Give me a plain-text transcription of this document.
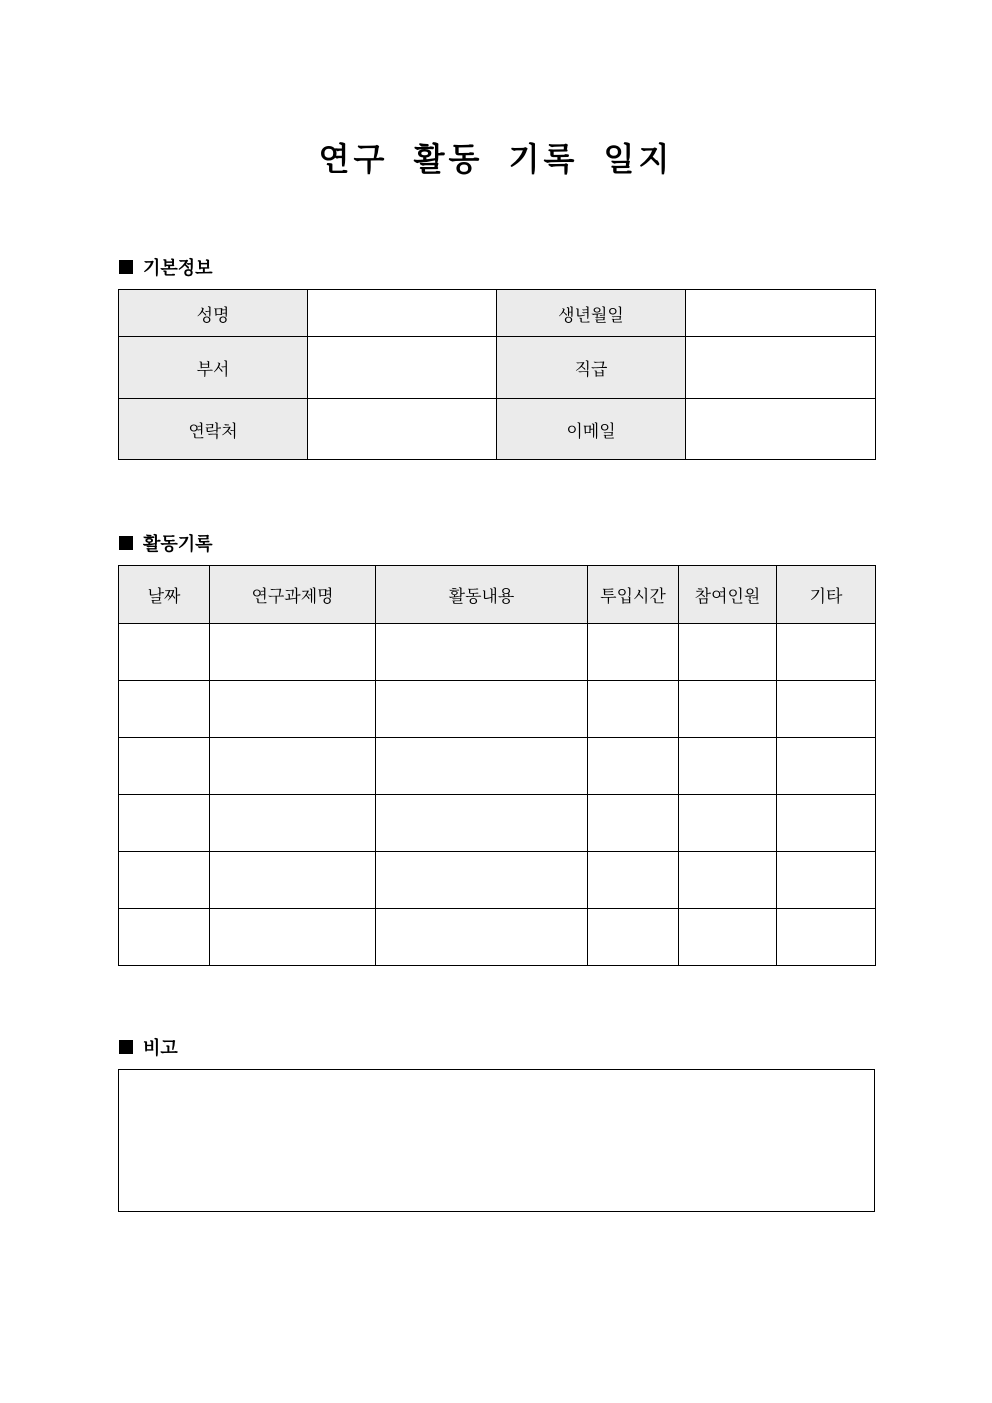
연구 활동 기록 일지
기본정보
성명		생년월일	
부서		직급	
연락처		이메일	
활동기록
날짜	연구과제명	활동내용	투입시간	참여인원	기타

비고
